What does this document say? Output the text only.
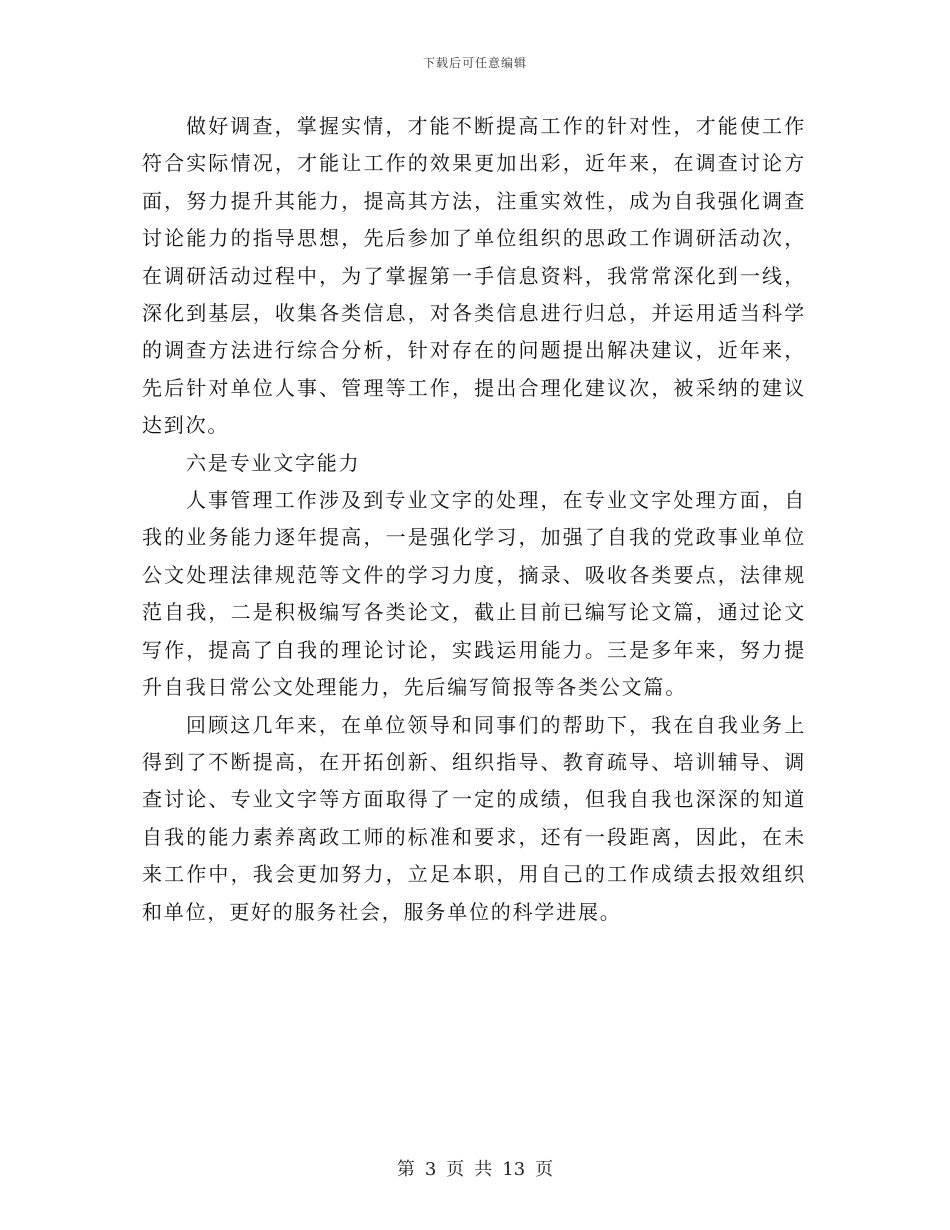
下载后可任意编辑

做好调查，掌握实情，才能不断提高工作的针对性，才能使工作符合实际情况，才能让工作的效果更加出彩，近年来，在调查讨论方面，努力提升其能力，提高其方法，注重实效性，成为自我强化调查讨论能力的指导思想，先后参加了单位组织的思政工作调研活动次，在调研活动过程中，为了掌握第一手信息资料，我常常深化到一线，深化到基层，收集各类信息，对各类信息进行归总，并运用适当科学的调查方法进行综合分析，针对存在的问题提出解决建议，近年来，先后针对单位人事、管理等工作，提出合理化建议次，被采纳的建议达到次。

六是专业文字能力

人事管理工作涉及到专业文字的处理，在专业文字处理方面，自我的业务能力逐年提高，一是强化学习，加强了自我的党政事业单位公文处理法律规范等文件的学习力度，摘录、吸收各类要点，法律规范自我，二是积极编写各类论文，截止目前已编写论文篇，通过论文写作，提高了自我的理论讨论，实践运用能力。三是多年来，努力提升自我日常公文处理能力，先后编写简报等各类公文篇。

回顾这几年来，在单位领导和同事们的帮助下，我在自我业务上得到了不断提高，在开拓创新、组织指导、教育疏导、培训辅导、调查讨论、专业文字等方面取得了一定的成绩，但我自我也深深的知道自我的能力素养离政工师的标准和要求，还有一段距离，因此，在未来工作中，我会更加努力，立足本职，用自己的工作成绩去报效组织和单位，更好的服务社会，服务单位的科学进展。

第 3 页 共 13 页
